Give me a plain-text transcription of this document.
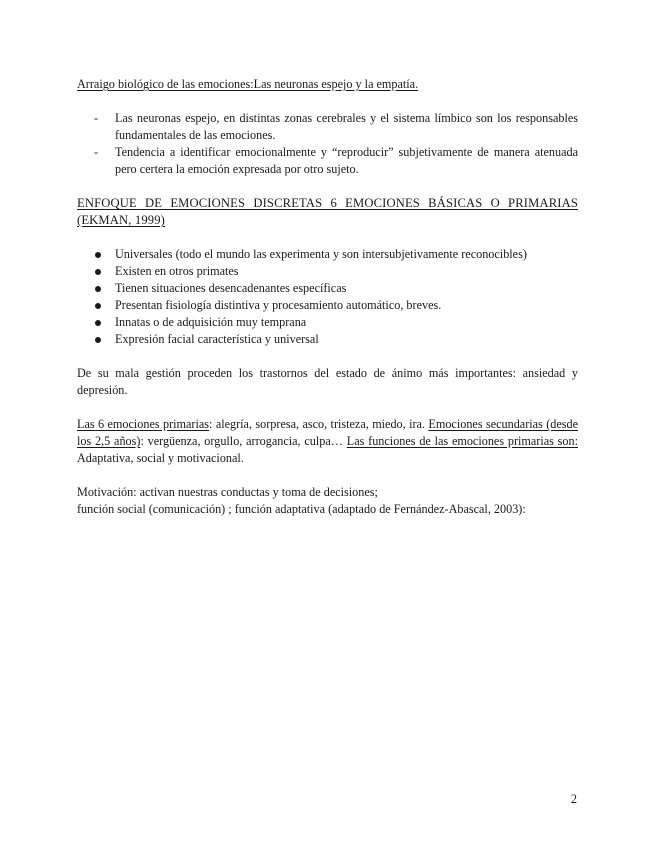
Arraigo biológico de las emociones:Las neuronas espejo y la empatía.
- Las neuronas espejo, en distintas zonas cerebrales y el sistema límbico son los responsables fundamentales de las emociones.
- Tendencia a identificar emocionalmente y “reproducir” subjetivamente de manera atenuada pero certera la emoción expresada por otro sujeto.
ENFOQUE DE EMOCIONES DISCRETAS 6 EMOCIONES BÁSICAS O PRIMARIAS (EKMAN, 1999)
Universales (todo el mundo las experimenta y son intersubjetivamente reconocibles)
Existen en otros primates
Tienen situaciones desencadenantes específicas
Presentan fisiología distintiva y procesamiento automático, breves.
Innatas o de adquisición muy temprana
Expresión facial característica y universal

De su mala gestión proceden los trastornos del estado de ánimo más importantes: ansiedad y depresión.

Las 6 emociones primarias: alegría, sorpresa, asco, tristeza, miedo, ira. Emociones secundarias (desde los 2,5 años): vergüenza, orgullo, arrogancia, culpa… Las funciones de las emociones primarias son:  Adaptativa, social y motivacional.

Motivación: activan nuestras conductas y toma de decisiones;
función social (comunicación) ; función adaptativa (adaptado de Fernández-Abascal, 2003):
2
